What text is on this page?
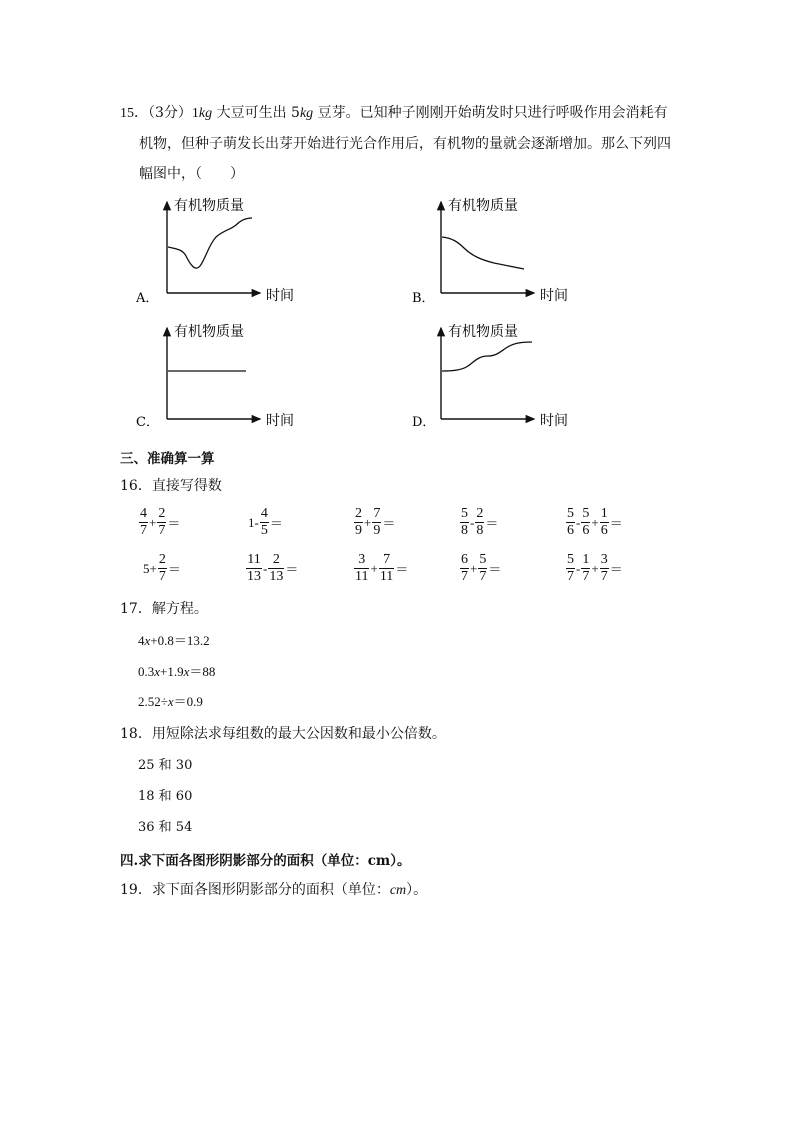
15．（3分）1kg 大豆可生出 5kg 豆芽。已知种子刚刚开始萌发时只进行呼吸作用会消耗有
机物，但种子萌发长出芽开始进行光合作用后，有机物的量就会逐渐增加。那么下列四
幅图中，（　　）
有机物质量
时间
A．
有机物质量
时间
B．
有机物质量
时间
C．
有机物质量
时间
D．
三、准确算一算
16．直接写得数
$\frac{4}{7} + \frac{2}{7}$ ＝	$1 - \frac{4}{5}$ ＝	$\frac{2}{9} + \frac{7}{9}$ ＝	$\frac{5}{8} - \frac{2}{8}$ ＝	$\frac{5}{6} - \frac{5}{6} + \frac{1}{6}$ ＝
$5 + \frac{2}{7}$ ＝	$\frac{11}{13} - \frac{2}{13}$ ＝	$\frac{3}{11} + \frac{7}{11}$ ＝	$\frac{6}{7} + \frac{5}{7}$ ＝	$\frac{5}{7} - \frac{1}{7} + \frac{3}{7}$ ＝
17．解方程。
4x+0.8＝13.2
0.3x+1.9x＝88
2.52÷x＝0.9
18．用短除法求每组数的最大公因数和最小公倍数。
25 和 30
18 和 60
36 和 54
四.求下面各图形阴影部分的面积（单位：cm）。
19．求下面各图形阴影部分的面积（单位：cm）。
